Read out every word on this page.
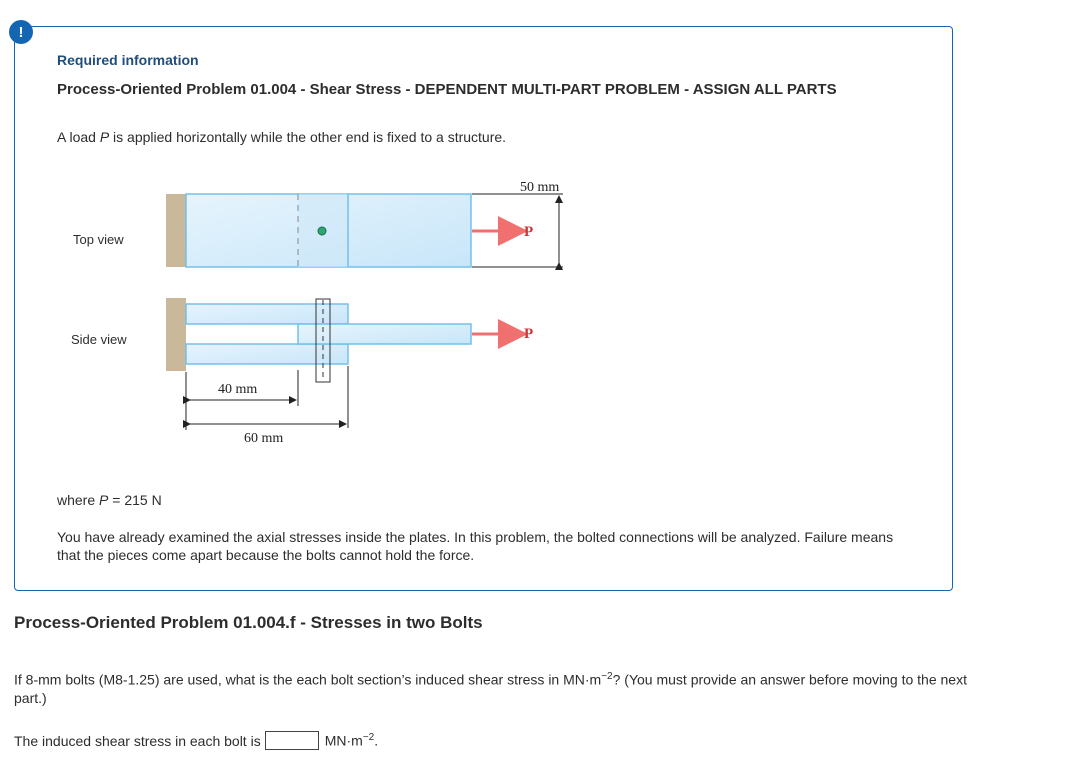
!
Required information
Process-Oriented Problem 01.004 - Shear Stress - DEPENDENT MULTI-PART PROBLEM - ASSIGN ALL PARTS
A load P is applied horizontally while the other end is fixed to a structure.
Top view
Side view
P
50 mm
P
40 mm
60 mm
where P = 215 N
You have already examined the axial stresses inside the plates. In this problem, the bolted connections will be analyzed. Failure means that the pieces come apart because the bolts cannot hold the force.
Process-Oriented Problem 01.004.f - Stresses in two Bolts
If 8-mm bolts (M8-1.25) are used, what is the each bolt section’s induced shear stress in $MN\cdot m^{-2}$? (You must provide an answer before moving to the next part.)
The induced shear stress in each bolt is	$MN\cdot m^{-2}$.
